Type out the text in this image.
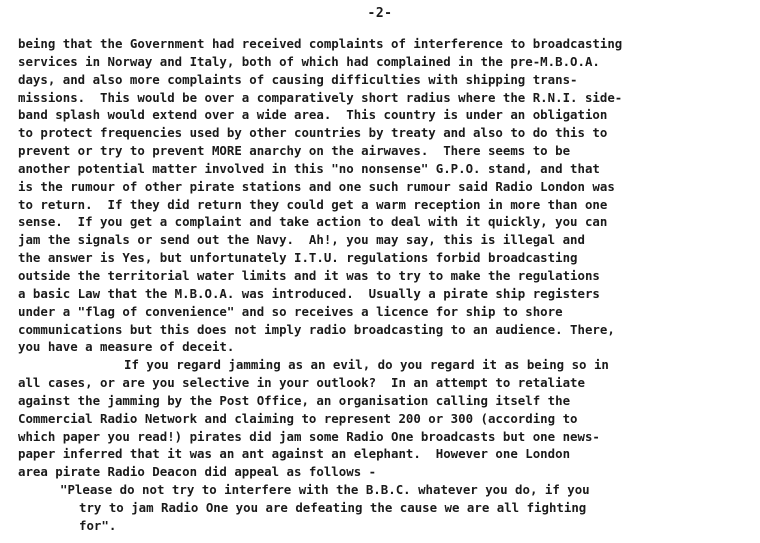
-2-
being that the Government had received complaints of interference to broadcasting
services in Norway and Italy, both of which had complained in the pre-M.B.O.A.
days, and also more complaints of causing difficulties with shipping trans-
missions.  This would be over a comparatively short radius where the R.N.I. side-
band splash would extend over a wide area.  This country is under an obligation
to protect frequencies used by other countries by treaty and also to do this to
prevent or try to prevent MORE anarchy on the airwaves.  There seems to be
another potential matter involved in this "no nonsense" G.P.O. stand, and that
is the rumour of other pirate stations and one such rumour said Radio London was
to return.  If they did return they could get a warm reception in more than one
sense.  If you get a complaint and take action to deal with it quickly, you can
jam the signals or send out the Navy.  Ah!, you may say, this is illegal and
the answer is Yes, but unfortunately I.T.U. regulations forbid broadcasting
outside the territorial water limits and it was to try to make the regulations
a basic Law that the M.B.O.A. was introduced.  Usually a pirate ship registers
under a "flag of convenience" and so receives a licence for ship to shore
communications but this does not imply radio broadcasting to an audience. There,
you have a measure of deceit.
If you regard jamming as an evil, do you regard it as being so in
all cases, or are you selective in your outlook?  In an attempt to retaliate
against the jamming by the Post Office, an organisation calling itself the
Commercial Radio Network and claiming to represent 200 or 300 (according to
which paper you read!) pirates did jam some Radio One broadcasts but one news-
paper inferred that it was an ant against an elephant.  However one London
area pirate Radio Deacon did appeal as follows -
"Please do not try to interfere with the B.B.C. whatever you do, if you
try to jam Radio One you are defeating the cause we are all fighting
for".
